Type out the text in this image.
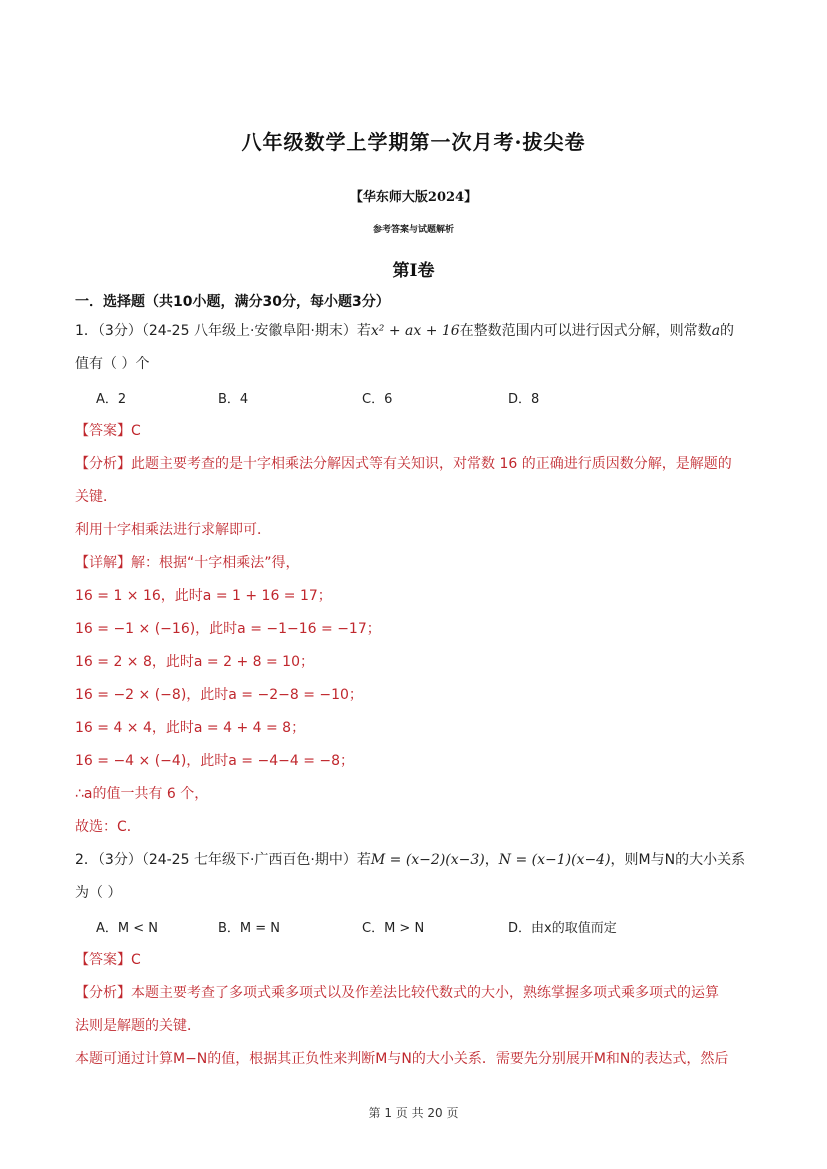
八年级数学上学期第一次月考·拔尖卷
【华东师大版2024】
参考答案与试题解析
第Ⅰ卷
一．选择题（共10小题，满分30分，每小题3分）
1．（3分）（24-25 八年级上·安徽阜阳·期末）若x² + ax + 16在整数范围内可以进行因式分解，则常数a的
值有（ ）个
A．2	B．4	C．6	D．8
【答案】C
【分析】此题主要考查的是十字相乘法分解因式等有关知识，对常数 16 的正确进行质因数分解，是解题的
关键．
利用十字相乘法进行求解即可．
【详解】解：根据“十字相乘法”得，
16 = 1 × 16，此时a = 1 + 16 = 17；
16 = −1 × (−16)，此时a = −1−16 = −17；
16 = 2 × 8，此时a = 2 + 8 = 10；
16 = −2 × (−8)，此时a = −2−8 = −10；
16 = 4 × 4，此时a = 4 + 4 = 8；
16 = −4 × (−4)，此时a = −4−4 = −8；
∴a的值一共有 6 个，
故选：C．
2．（3分）（24-25 七年级下·广西百色·期中）若M = (x−2)(x−3)，N = (x−1)(x−4)，则M与N的大小关系
为（ ）
A．M < N	B．M = N	C．M > N	D．由x的取值而定
【答案】C
【分析】本题主要考查了多项式乘多项式以及作差法比较代数式的大小，熟练掌握多项式乘多项式的运算
法则是解题的关键．
本题可通过计算M−N的值，根据其正负性来判断M与N的大小关系．需要先分别展开M和N的表达式，然后
第 1 页 共 20 页
